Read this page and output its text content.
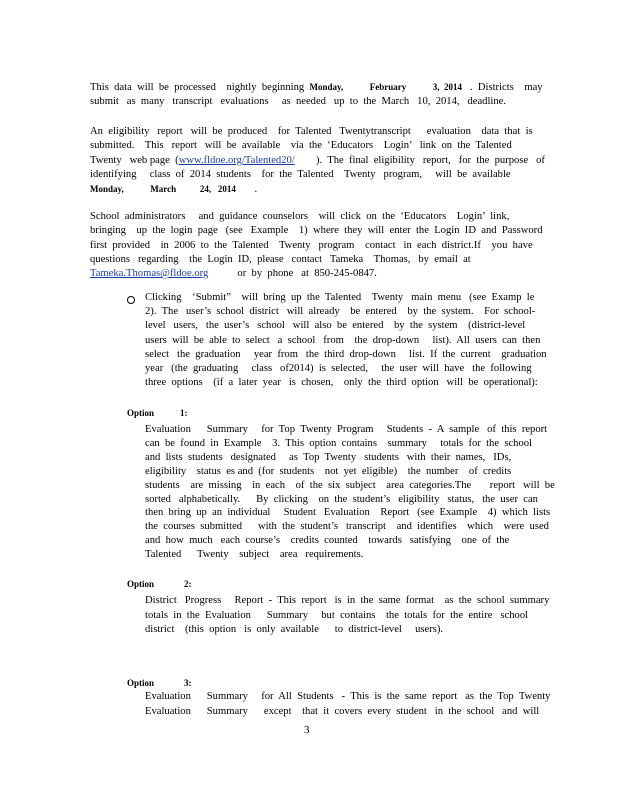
This  data  will  be  processed    nightly  beginning  Monday,	February	3,  2014   .  Districts    may

submit   as  many   transcript   evaluations     as  needed   up  to  the  March   10,  2014,   deadline.

An  eligibility   report   will  be  produced    for  Talented   Twentytranscript      evaluation    data  that  is

submitted.    This   report   will  be  available    via  the  ‘Educators    Login’   link  on  the  Talented

Twenty   web page  (www.fldoe.org/Talented20/        ).  The  final  eligibility   report,   for  the  purpose   of

identifying     class  of  2014  students    for  the  Talented    Twenty   program,     will  be  available

Monday,	March	24,   2014       .

School  administrators     and  guidance  counselors    will  click  on  the  ‘Educators    Login’  link,

bringing    up  the  login  page   (see   Example    1)  where  they  will  enter  the  Login  ID  and  Password

first  provided    in  2006  to  the  Talented    Twenty   program    contact   in  each  district.If    you  have

questions   regarding    the  Login  ID,  please   contact   Tameka    Thomas,   by  email  at

Tameka.Thomas@fldoe.org           or  by  phone   at  850-245-0847.

Clicking    ‘Submit”    will  bring  up  the  Talented    Twenty   main  menu   (see  Examp  le

2).  The   user’s  school  district   will  already    be  entered    by  the  system.    For  school-

level   users,   the  user’s   school   will  also  be  entered    by  the  system    (district-level

users  will  be  able  to  select   a  school   from    the  drop-down     list).  All  users  can  then

select   the  graduation     year  from   the  third  drop-down     list.  If  the  current    graduation

year   (the  graduating     class   of2014)  is  selected,     the  user  will  have   the  following

three  options    (if  a  later  year   is  chosen,    only  the  third  option   will  be  operational):

Option	1:

Evaluation      Summary     for  Top  Twenty  Program     Students  -  A  sample   of  this  report

can  be  found  in  Example    3.  This  option  contains    summary     totals  for  the  school

and  lists  students   designated     as  Top  Twenty   students   with  their  names,   IDs,

eligibility    status  es and  (for  students    not  yet  eligible)    the  number    of  credits

students    are  missing    in  each    of  the  six  subject    area  categories.The       report   will  be

sorted   alphabetically.      By  clicking    on  the  student’s   eligibility   status,   the  user  can

then  bring  up  an  individual     Student   Evaluation    Report   (see  Example    4)  which  lists

the  courses  submitted      with  the  student’s   transcript    and  identifies    which    were  used

and  how  much   each  course’s    credits  counted    towards   satisfying    one  of  the

Talented      Twenty    subject    area   requirements.

Option	2:

District   Progress     Report  -  This  report   is  in  the  same  format    as  the  school  summary

totals  in  the  Evaluation      Summary     but  contains    the  totals  for  the  entire   school

district    (this  option   is  only  available      to  district-level     users).

Option	3:

Evaluation      Summary     for  All  Students   -  This  is  the  same  report   as  the  Top  Twenty

Evaluation      Summary      except    that  it  covers  every  student   in  the  school   and  will

3
